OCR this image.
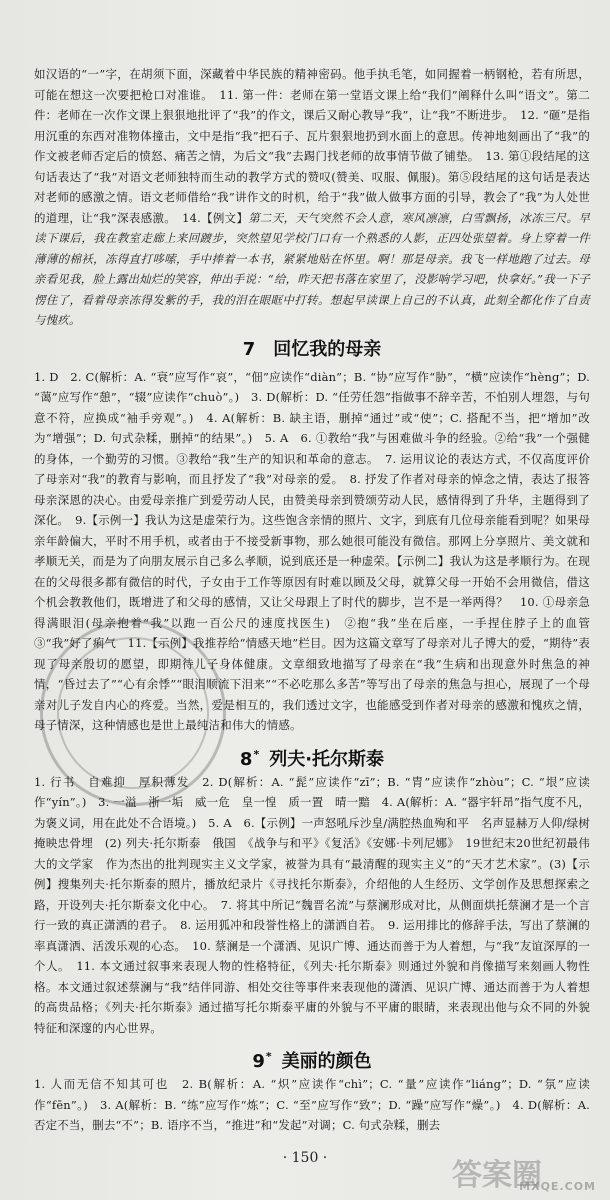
如汉语的“一”字，在胡须下面，深藏着中华民族的精神密码。他手执毛笔，如同握着一柄钢枪，若有所思，可能在想这一次要把枪口对准谁。　11. 第一件：老师在第一堂语文课上给“我们”阐释什么叫“语文”。第二件：老师在一次作文课上狠狠地批评了“我”的作文，课后又耐心教导“我”，让“我”不断进步。　12. “砸”是指用沉重的东西对准物体撞击，文中是指“我”把石子、瓦片狠狠地扔到水面上的意思。传神地刻画出了“我”的作文被老师否定后的愤怒、痛苦之情，为后文“我”去踢门找老师的故事情节做了铺垫。　13. 第①段结尾的这句话表达了“我”对语文老师独特而生动的教学方式的赞叹(赞美、叹服、佩服)。第⑤段结尾的这句话是表达对老师的感激之情。语文老师借给“我”讲作文的时机，给于“我”做人做事方面的引导，教会了“我”为人处世的道理，让“我”深表感激。　14.【例文】第二天，天气突然不会人意，寒风凛凛，白雪飘扬，冰冻三尺。早读下课后，我在教室走廊上来回踱步，突然望见学校门口有一个熟悉的人影，正四处张望着。身上穿着一件薄薄的棉袄，冻得直打哆嗦，手中捧着一本书，紧紧地贴在怀里。啊！那是母亲。我飞一样地跑了过去。母亲看见我，脸上露出灿烂的笑容，伸出手说：“给，昨天把书落在家里了，没影响学习吧，快拿好。”我一下子愣住了，看着母亲冻得发紫的手，我的泪在眼眶中打转。想起早读课上自己的不认真，此刻全都化作了自责与愧疚。

7 回忆我的母亲

1. D　2. C(解析：A. “衰”应写作“哀”，“佃”应读作“diàn”；B. “协”应写作“胁”，“横”应读作“hèng”；D. “蔼”应写作“憩”，“辍”应读作“chuò”。)　3. D(解析：D. “任劳任怨”指做事不辞辛苦，不怕别人埋怨，与句意不符，应换成“袖手旁观”。)　4. A(解析：B. 缺主语，删掉“通过”或“使”；C. 搭配不当，把“增加”改为“增强”；D. 句式杂糅，删掉“的结果”。)　5. A　6. ①教给“我”与困难做斗争的经验。②给“我”一个强健的身体，一个勤劳的习惯。③教给“我”生产的知识和革命的意志。　7. 运用议论的表达方式，不仅高度评价了母亲对“我”的教育与影响，而且抒发了“我”对母亲的爱。　8. 抒发了作者对母亲的悼念之情，表达了报答母亲深恩的决心。由爱母亲推广到爱劳动人民，由赞美母亲到赞颂劳动人民，感情得到了升华，主题得到了深化。　9.【示例一】我认为这是虚荣行为。这些饱含亲情的照片、文字，到底有几位母亲能看到呢？如果母亲年龄偏大，平时不用手机，或者由于不接受新事物，那么她很可能没有微信。那网上分享照片、美文就和孝顺无关，而是为了向朋友展示自己多么孝顺，说到底还是一种虚荣。【示例二】我认为这是孝顺行为。在现在的父母很多都有微信的时代，子女由于工作等原因有时难以顾及父母，就算父母一开始不会用微信，借这个机会教教他们，既增进了和父母的感情，又让父母跟上了时代的脚步，岂不是一举两得？　10. ①母亲急得满眼泪(母亲抱着“我”以跑一百公尺的速度找医生)　②抱“我”坐在后座，一手捏住脖子上的血管　③“我”好了痢气　11.【示例】我推荐给“情感天地”栏目。因为这篇文章写了母亲对儿子博大的爱，“期待”表现了母亲殷切的愿望，即期待儿子身体健康。文章细致地描写了母亲在“我”生病和出现意外时焦急的神情，“昏过去了”“心有余悸”“眼泪顺流下泪来”“不必吃那么多苦”等写出了母亲的焦急与担心，展现了一个母亲对儿子发自内心的疼爱。当然，爱是相互的，我们透过文字，也能感受到作者对母亲的感激和愧疚之情，母子情深，这种情感也是世上最纯洁和伟大的情感。

8* 列夫·托尔斯泰

1. 行书　自难抑　厚积薄发　2. D(解析：A. “髭”应读作“zī”；B. “胄”应读作“zhòu”；C. “垠”应读作“yín”。)　3. 一溢　浙一垢　威一危　皇一惶　质一置　晴一黯　4. A(解析：A. “器宇轩昂”指气度不凡，为褒义词，用在此处不合语境。)　5. A　6.【示例】一声怒吼斥沙皇/满腔热血殉和平　名声显赫万人仰/绿树掩映忠骨埋　(2) 列夫·托尔斯泰　俄国　《战争与和平》《复活》《安娜·卡列尼娜》　19世纪末20世纪初最伟大的文学家　作为杰出的批判现实主义文学家，被誉为具有“最清醒的现实主义”的“天才艺术家”。(3)【示例】搜集列夫·托尔斯泰的照片，播放纪录片《寻找托尔斯泰》，介绍他的人生经历、文学创作及思想探索之路，开设列夫·托尔斯泰文化中心。　7. 将其中所记“魏晋名流”与蔡澜形成对比，从侧面烘托蔡澜才是一个言行一致的真正潇洒的君子。　8. 运用狐冲和段誉性格上的潇洒自若。　9. 运用排比的修辞手法，写出了蔡澜的率真潇洒、活泼乐观的心态。　10. 蔡澜是一个潇洒、见识广博、通达而善于为人着想，与“我”友谊深厚的一个人。　11. 本文通过叙事来表现人物的性格特征，《列夫·托尔斯泰》则通过外貌和肖像描写来刻画人物性格。本文通过叙述蔡澜与“我”结伴同游、相处交往等事件来表现他的潇洒、见识广博、通达而善于为人着想的高贵品格；《列夫·托尔斯泰》通过描写托尔斯泰平庸的外貌与不平庸的眼睛，来表现出他与众不同的外貌特征和深邃的内心世界。

9* 美丽的颜色

1. 人而无信不知其可也　2. B(解析：A. “炽”应读作“chì”；C. “量”应读作“liáng”；D. “氛”应读作“fēn”。)　3. A(解析：B. “练”应写作“炼”；C. “至”应写作“致”；D. “躁”应写作“燥”。)　4. D(解析：A. 否定不当，删去“不”；B. 语序不当，“推进”和“发起”对调；C. 句式杂糅，删去

· 150 ·	答案圈
MXQE.COM
